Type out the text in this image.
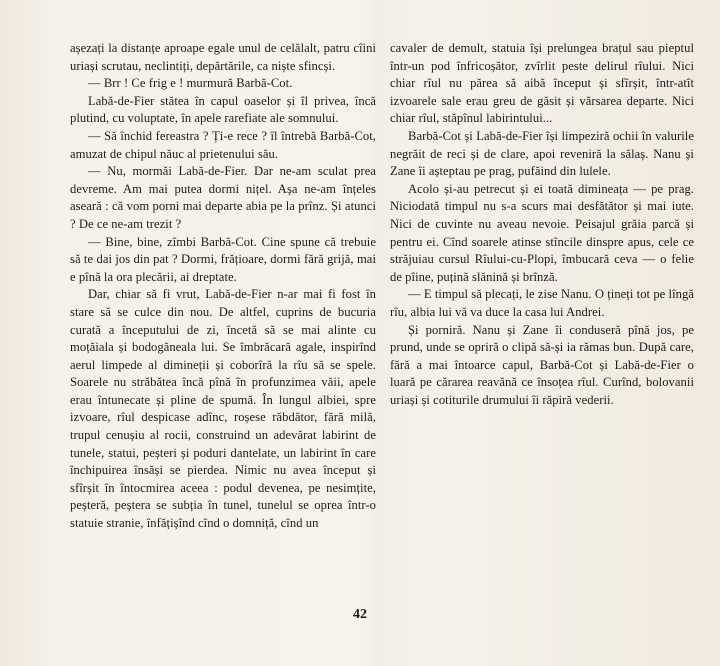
așezați la distanțe aproape egale unul de celălalt, patru cîini uriași scrutau, neclintiți, depărtările, ca niște sfincși.

— Brr ! Ce frig e ! murmură Barbă-Cot.

Labă-de-Fier stătea în capul oaselor și îl privea, încă plutind, cu voluptate, în apele rarefiate ale somnului.

— Să închid fereastra ? Ți-e rece ? îl întrebă Barbă-Cot, amuzat de chipul năuc al prietenului său.

— Nu, mormăi Labă-de-Fier. Dar ne-am sculat prea devreme. Am mai putea dormi nițel. Așa ne-am înțeles aseară : că vom porni mai departe abia pe la prînz. Și atunci ? De ce ne-am trezit ?

— Bine, bine, zîmbi Barbă-Cot. Cine spune că trebuie să te dai jos din pat ? Dormi, frățioare, dormi fără grijă, mai e pînă la ora plecării, ai dreptate.

Dar, chiar să fi vrut, Labă-de-Fier n-ar mai fi fost în stare să se culce din nou. De altfel, cuprins de bucuria curată a începutului de zi, încetă să se mai alinte cu moțăiala și bodogăneala lui. Se îmbrăcară agale, inspirînd aerul limpede al dimineții și coborîră la rîu să se spele. Soarele nu străbătea încă pînă în profunzimea văii, apele erau întunecate și pline de spumă. În lungul albiei, spre izvoare, rîul despicase adînc, roșese răbdător, fără milă, trupul cenușiu al rocii, construind un adevărat labirint de tunele, statui, peșteri și poduri dantelate, un labirint în care închipuirea însăși se pierdea. Nimic nu avea început și sfîrșit în întocmirea aceea : podul devenea, pe nesimțite, peșteră, peștera se subția în tunel, tunelul se oprea într-o statuie stranie, înfățișînd cînd o domniță, cînd un

cavaler de demult, statuia își prelungea brațul sau pieptul într-un pod înfricoșător, zvîrlit peste delirul rîului. Nici chiar rîul nu părea să aibă început și sfîrșit, într-atît izvoarele sale erau greu de găsit și vărsarea departe. Nici chiar rîul, stăpînul labirintului...

Barbă-Cot și Labă-de-Fier își limpeziră ochii în valurile negrăit de reci și de clare, apoi reveniră la sălaș. Nanu și Zane îi așteptau pe prag, pufăind din lulele.

Acolo și-au petrecut și ei toată dimineața — pe prag. Niciodată timpul nu s-a scurs mai desfătător și mai iute. Nici de cuvinte nu aveau nevoie. Peisajul grăia parcă și pentru ei. Cînd soarele atinse stîncile dinspre apus, cele ce străjuiau cursul Rîului-cu-Plopi, îmbucară ceva — o felie de pîine, puțină slănină și brînză.

— E timpul să plecați, le zise Nanu. O țineți tot pe lîngă rîu, albia lui vă va duce la casa lui Andrei.

Și porniră. Nanu și Zane îi conduseră pînă jos, pe prund, unde se opriră o clipă să-și ia rămas bun. După care, fără a mai întoarce capul, Barbă-Cot și Labă-de-Fier o luară pe cărarea reavănă ce însoțea rîul. Curînd, bolovanii uriași și cotiturile drumului îi răpiră vederii.

42
